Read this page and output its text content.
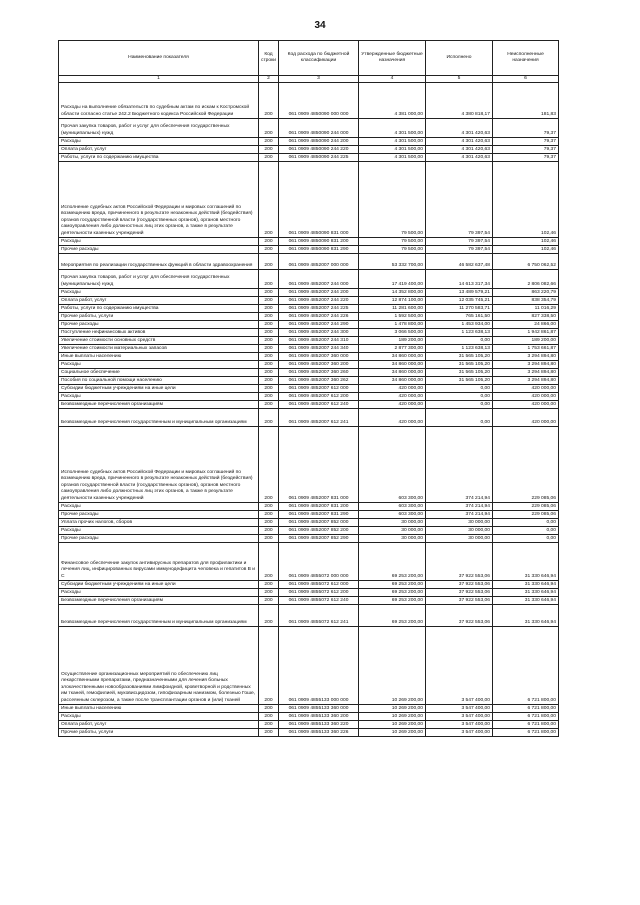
34
Наименование показателя	Код строки	Код расхода по бюджетной классификации	Утвержденные бюджетные назначения	Исполнено	Неисполненные назначения
1	2	3	4	5	6
Расходы на выполнение обязательств по судебным актам по искам к Костромской области согласно статье 242.2 Бюджетного кодекса Российской Федерации	200	061 0909 4850090 000 000	4 381 000,00	4 380 818,17	181,83
Прочая закупка товаров, работ и услуг для обеспечения государственных (муниципальных) нужд	200	061 0909 4850090 244 000	4 301 500,00	4 301 420,63	79,37
Расходы	200	061 0909 4850090 244 200	4 301 500,00	4 301 420,63	79,37
Оплата работ, услуг	200	061 0909 4850090 244 220	4 301 500,00	4 301 420,63	79,37
Работы, услуги по содержанию имущества	200	061 0909 4850090 244 225	4 301 500,00	4 301 420,63	79,37
Исполнение судебных актов Российской Федерации и мировых соглашений по возмещению вреда, причиненного в результате незаконных действий (бездействия) органов государственной власти (государственных органов), органов местного самоуправления либо должностных лиц этих органов, а также в результате деятельности казенных учреждений	200	061 0909 4850090 831 000	79 500,00	79 397,54	102,46
Расходы	200	061 0909 4850090 831 200	79 500,00	79 397,54	102,46
Прочие расходы	200	061 0909 4850090 831 290	79 500,00	79 397,54	102,46
Мероприятия по реализации государственных функций в области здравоохранения	200	061 0909 4852007 000 000	53 332 700,00	46 582 637,48	6 750 062,52
Прочая закупка товаров, работ и услуг для обеспечения государственных (муниципальных) нужд	200	061 0909 4852007 244 000	17 419 400,00	14 613 317,34	2 806 082,66
Расходы	200	061 0909 4852007 244 200	14 352 800,00	13 489 579,21	863 220,79
Оплата работ, услуг	200	061 0909 4852007 244 220	12 874 100,00	12 035 745,21	838 354,79
Работы, услуги по содержанию имущества	200	061 0909 4852007 244 225	11 281 600,00	11 270 583,71	11 016,29
Прочие работы, услуги	200	061 0909 4852007 244 226	1 592 500,00	765 161,50	827 338,50
Прочие расходы	200	061 0909 4852007 244 290	1 478 800,00	1 453 934,00	24 866,00
Поступление нефинансовых активов	200	061 0909 4852007 244 300	3 066 500,00	1 123 638,13	1 942 861,87
Увеличение стоимости основных средств	200	061 0909 4852007 244 310	189 200,00	0,00	189 200,00
Увеличение стоимости материальных запасов	200	061 0909 4852007 244 340	2 877 300,00	1 123 638,13	1 753 661,87
Иные выплаты населению	200	061 0909 4852007 360 000	34 860 000,00	31 565 105,20	3 294 894,80
Расходы	200	061 0909 4852007 360 200	34 860 000,00	31 565 105,20	3 294 894,80
Социальное обеспечение	200	061 0909 4852007 360 260	34 860 000,00	31 565 105,20	3 294 894,80
Пособия по социальной помощи населению	200	061 0909 4852007 360 262	34 860 000,00	31 565 105,20	3 294 894,80
Субсидии бюджетным учреждениям на иные цели	200	061 0909 4852007 612 000	420 000,00	0,00	420 000,00
Расходы	200	061 0909 4852007 612 200	420 000,00	0,00	420 000,00
Безвозмездные перечисления организациям	200	061 0909 4852007 612 240	420 000,00	0,00	420 000,00
Безвозмездные перечисления государственным и муниципальным организациям	200	061 0909 4852007 612 241	420 000,00	0,00	420 000,00
Исполнение судебных актов Российской Федерации и мировых соглашений по возмещению вреда, причиненного в результате незаконных действий (бездействия) органов государственной власти (государственных органов), органов местного самоуправления либо должностных лиц этих органов, а также в результате деятельности казенных учреждений	200	061 0909 4852007 831 000	603 300,00	374 214,94	229 085,06
Расходы	200	061 0909 4852007 831 200	603 300,00	374 214,94	229 085,06
Прочие расходы	200	061 0909 4852007 831 290	603 300,00	374 214,94	229 085,06
Уплата прочих налогов, сборов	200	061 0909 4852007 852 000	30 000,00	30 000,00	0,00
Расходы	200	061 0909 4852007 852 200	30 000,00	30 000,00	0,00
Прочие расходы	200	061 0909 4852007 852 290	30 000,00	30 000,00	0,00
Финансовое обеспечение закупок антивирусных препаратов для профилактики и лечения лиц, инфицированных вирусами иммунодефицита человека и гепатитов В и С	200	061 0909 4855072 000 000	69 253 200,00	37 922 553,06	31 330 646,94
Субсидии бюджетным учреждениям на иные цели	200	061 0909 4855072 612 000	69 253 200,00	37 922 553,06	31 330 646,94
Расходы	200	061 0909 4855072 612 200	69 253 200,00	37 922 553,06	31 330 646,94
Безвозмездные перечисления организациям	200	061 0909 4855072 612 240	69 253 200,00	37 922 553,06	31 330 646,94
Безвозмездные перечисления государственным и муниципальным организациям	200	061 0909 4855072 612 241	69 253 200,00	37 922 553,06	31 330 646,94
Осуществление организационных мероприятий по обеспечению лиц лекарственными препаратами, предназначенными для лечения больных злокачественными новообразованиями лимфоидной, кроветворной и родственных им тканей, гемофилией, муковисцидозом, гипофизарным нанизмом, болезнью Гоше, рассеянным склерозом, а также после трансплантации органов и (или) тканей	200	061 0909 4855133 000 000	10 269 200,00	3 547 400,00	6 721 800,00
Иные выплаты населению	200	061 0909 4855133 360 000	10 269 200,00	3 547 400,00	6 721 800,00
Расходы	200	061 0909 4855133 360 200	10 269 200,00	3 547 400,00	6 721 800,00
Оплата работ, услуг	200	061 0909 4855133 360 220	10 269 200,00	3 547 400,00	6 721 800,00
Прочие работы, услуги	200	061 0909 4855133 360 226	10 269 200,00	3 547 400,00	6 721 800,00
